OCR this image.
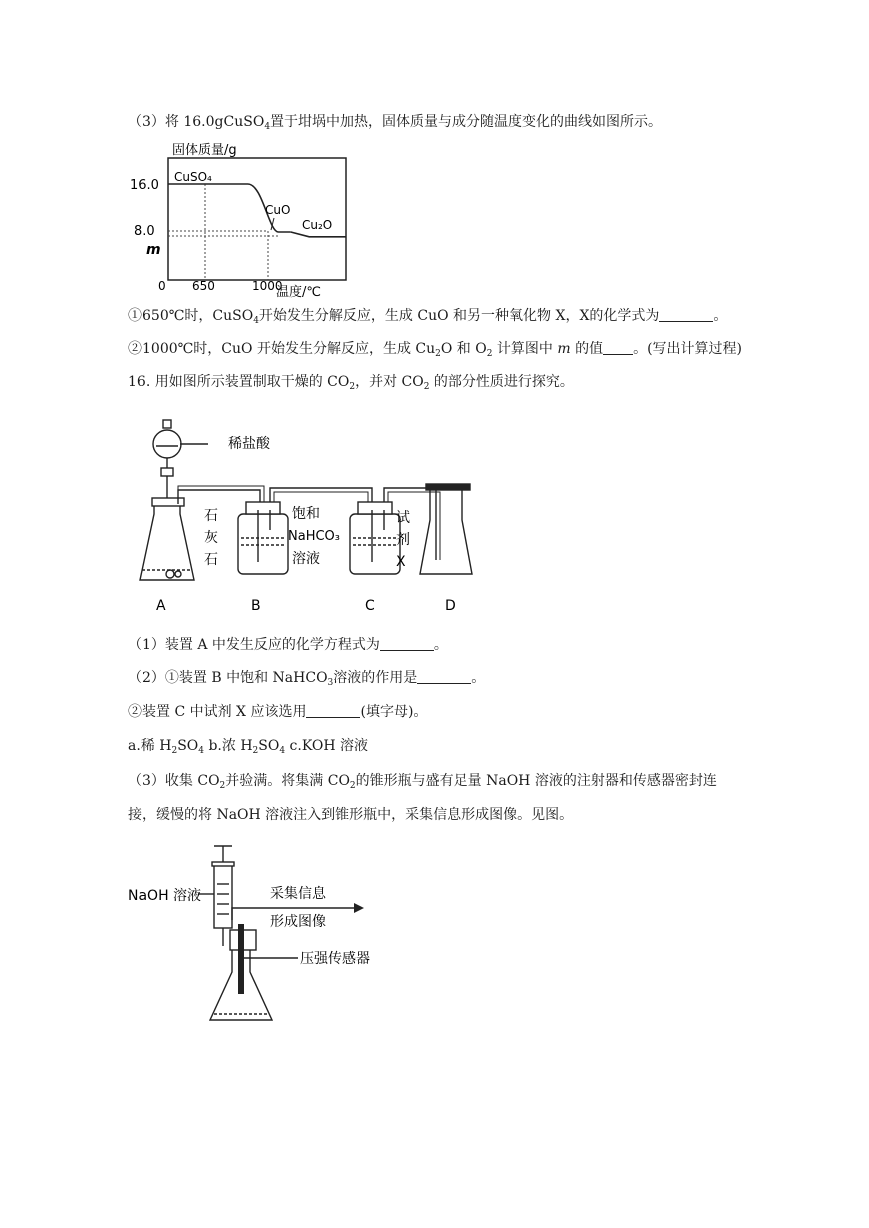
（3）将 16.0gCuSO$_4$置于坩埚中加热，固体质量与成分随温度变化的曲线如图所示。
固体质量/g
温度/℃
0
16.0
8.0
m
650	1000
CuSO₄
CuO
Cu₂O
①650℃时，CuSO$_4$开始发生分解反应，生成 CuO 和另一种氧化物 X，X的化学式为	。
②1000℃时，CuO 开始发生分解反应，生成 $Cu_2O$ 和 $O_2$ 计算图中 m 的值 。(写出计算过程)
16. 用如图所示装置制取干燥的 $CO_2$，并对 $CO_2$ 的部分性质进行探究。
稀盐酸
石
灰
石
饱和
NaHCO₃
溶液
试
剂
X
A	B	C	D
（1）装置 A 中发生反应的化学方程式为	。
（2）①装置 B 中饱和 NaHCO$_3$溶液的作用是	。
②装置 C 中试剂 X 应该选用	(填字母)。
a.稀 $H_2SO_4$ b.浓 $H_2SO_4$ c.KOH 溶液
（3）收集 $CO_2$并验满。将集满 $CO_2$的锥形瓶与盛有足量 NaOH 溶液的注射器和传感器密封连
接，缓慢的将 NaOH 溶液注入到锥形瓶中，采集信息形成图像。见图。
NaOH 溶液	采集信息
形成图像
压强传感器
